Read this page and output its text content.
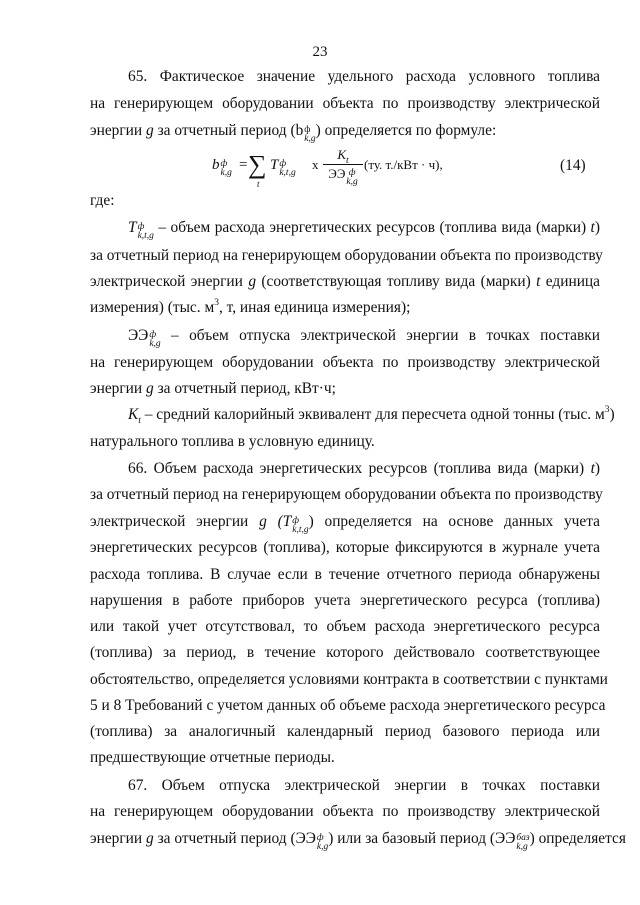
23
65. Фактическое значение удельного расхода условного топлива
на генерирующем оборудовании объекта по производству электрической
энергии g за отчетный период (b ф
k,g ) определяется по формуле:
b ф
k,g = ∑
t
T ф
k,t,g
x
$K_t$
ЭЭ ф
k,g
(ту. т./кВт · ч),	(14)
где:
T ф
k,t,g – объем расхода энергетических ресурсов (топлива вида (марки) t)
за отчетный период на генерирующем оборудовании объекта по производству
электрической энергии g (соответствующая топливу вида (марки) t единица
измерения) (тыс. $м^3$, т, иная единица измерения);
ЭЭ ф
k,g – объем отпуска электрической энергии в точках поставки
на генерирующем оборудовании объекта по производству электрической
энергии g за отчетный период, кВт·ч;
$K_t$ – средний калорийный эквивалент для пересчета одной тонны (тыс. $м^3$)
натурального топлива в условную единицу.
66. Объем расхода энергетических ресурсов (топлива вида (марки) t)
за отчетный период на генерирующем оборудовании объекта по производству
электрической энергии g (T ф
k,t,g ) определяется на основе данных учета
энергетических ресурсов (топлива), которые фиксируются в журнале учета
расхода топлива. В случае если в течение отчетного периода обнаружены
нарушения в работе приборов учета энергетического ресурса (топлива)
или такой учет отсутствовал, то объем расхода энергетического ресурса
(топлива) за период, в течение которого действовало соответствующее
обстоятельство, определяется условиями контракта в соответствии с пунктами
5 и 8 Требований с учетом данных об объеме расхода энергетического ресурса
(топлива) за аналогичный календарный период базового периода или
предшествующие отчетные периоды.
67. Объем отпуска электрической энергии в точках поставки
на генерирующем оборудовании объекта по производству электрической
энергии g за отчетный период (ЭЭ ф
k,g ) или за базовый период (ЭЭ баз
k,g ) определяется
